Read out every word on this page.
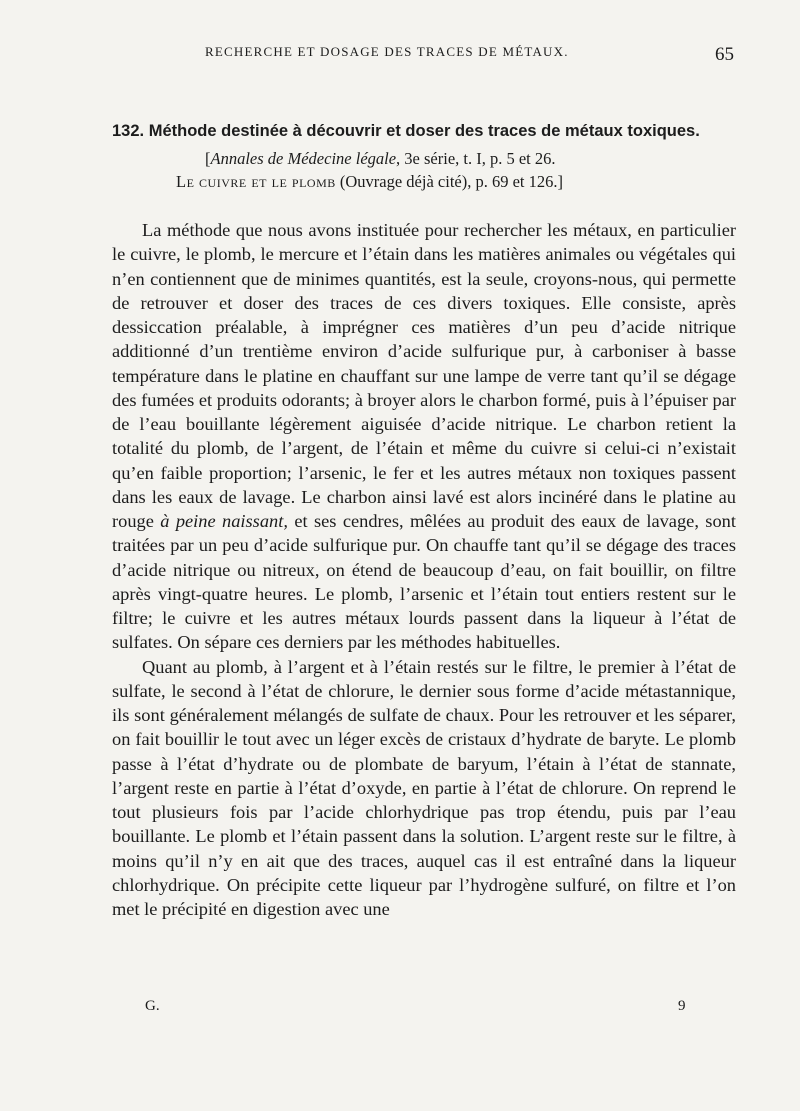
RECHERCHE ET DOSAGE DES TRACES DE MÉTAUX.	65
132. Méthode destinée à découvrir et doser des traces de métaux toxiques.
[Annales de Médecine légale, 3e série, t. I, p. 5 et 26.
Le cuivre et le plomb (Ouvrage déjà cité), p. 69 et 126.]

La méthode que nous avons instituée pour rechercher les métaux, en particulier le cuivre, le plomb, le mercure et l’étain dans les matières animales ou végétales qui n’en contiennent que de minimes quantités, est la seule, croyons-nous, qui permette de retrouver et doser des traces de ces divers toxiques. Elle consiste, après dessiccation préalable, à imprégner ces matières d’un peu d’acide nitrique additionné d’un trentième environ d’acide sulfurique pur, à carboniser à basse température dans le platine en chauffant sur une lampe de verre tant qu’il se dégage des fumées et produits odorants; à broyer alors le charbon formé, puis à l’épuiser par de l’eau bouillante légèrement aiguisée d’acide nitrique. Le charbon retient la totalité du plomb, de l’argent, de l’étain et même du cuivre si celui-ci n’existait qu’en faible proportion; l’arsenic, le fer et les autres métaux non toxiques passent dans les eaux de lavage. Le charbon ainsi lavé est alors incinéré dans le platine au rouge à peine naissant, et ses cendres, mêlées au produit des eaux de lavage, sont traitées par un peu d’acide sulfurique pur. On chauffe tant qu’il se dégage des traces d’acide nitrique ou nitreux, on étend de beaucoup d’eau, on fait bouillir, on filtre après vingt-quatre heures. Le plomb, l’arsenic et l’étain tout entiers restent sur le filtre; le cuivre et les autres métaux lourds passent dans la liqueur à l’état de sulfates. On sépare ces derniers par les méthodes habituelles.

Quant au plomb, à l’argent et à l’étain restés sur le filtre, le premier à l’état de sulfate, le second à l’état de chlorure, le dernier sous forme d’acide métastannique, ils sont généralement mélangés de sulfate de chaux. Pour les retrouver et les séparer, on fait bouillir le tout avec un léger excès de cristaux d’hydrate de baryte. Le plomb passe à l’état d’hydrate ou de plombate de baryum, l’étain à l’état de stannate, l’argent reste en partie à l’état d’oxyde, en partie à l’état de chlorure. On reprend le tout plusieurs fois par l’acide chlorhydrique pas trop étendu, puis par l’eau bouillante. Le plomb et l’étain passent dans la solution. L’argent reste sur le filtre, à moins qu’il n’y en ait que des traces, auquel cas il est entraîné dans la liqueur chlorhydrique. On précipite cette liqueur par l’hydrogène sulfuré, on filtre et l’on met le précipité en digestion avec une

G.	9
